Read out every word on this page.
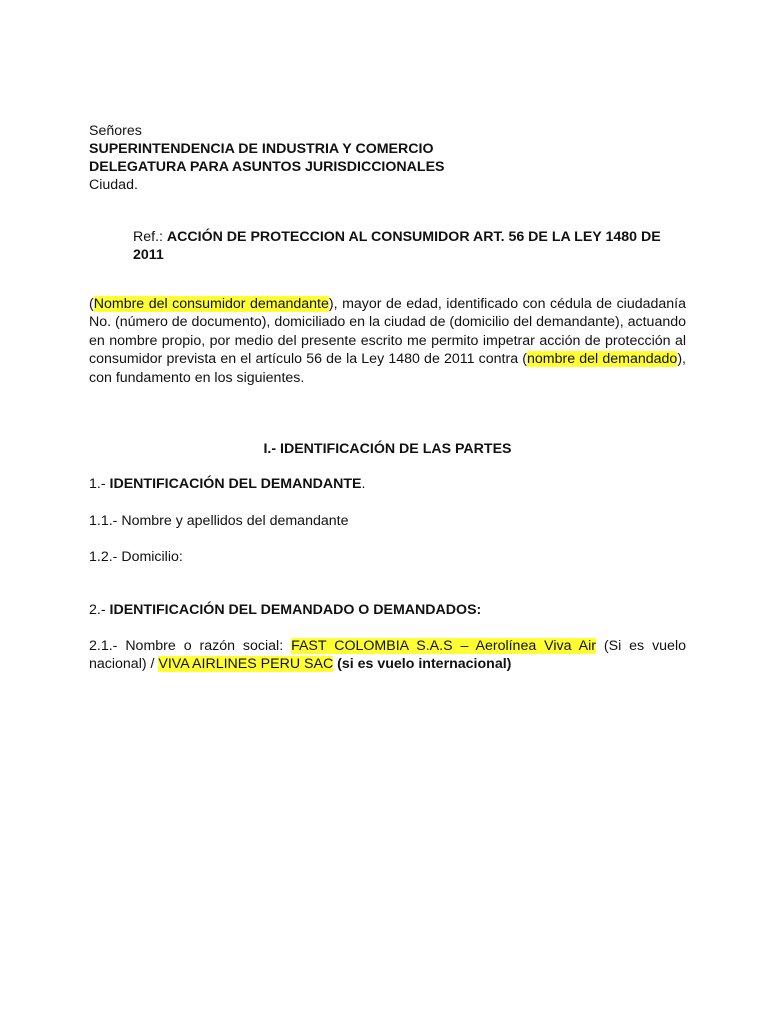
Señores
SUPERINTENDENCIA DE INDUSTRIA Y COMERCIO
DELEGATURA PARA ASUNTOS JURISDICCIONALES
Ciudad.
Ref.: ACCIÓN DE PROTECCION AL CONSUMIDOR ART. 56 DE LA LEY 1480 DE 2011
(Nombre del consumidor demandante), mayor de edad, identificado con cédula de ciudadanía No. (número de documento), domiciliado en la ciudad de (domicilio del demandante), actuando en nombre propio, por medio del presente escrito me permito impetrar acción de protección al consumidor prevista en el artículo 56 de la Ley 1480 de 2011 contra (nombre del demandado), con fundamento en los siguientes.
I.- IDENTIFICACIÓN DE LAS PARTES
1.- IDENTIFICACIÓN DEL DEMANDANTE.
1.1.- Nombre y apellidos del demandante
1.2.- Domicilio:
2.- IDENTIFICACIÓN DEL DEMANDADO O DEMANDADOS:
2.1.- Nombre o razón social: FAST COLOMBIA S.A.S – Aerolínea Viva Air (Si es vuelo nacional) / VIVA AIRLINES PERU SAC (si es vuelo internacional)
